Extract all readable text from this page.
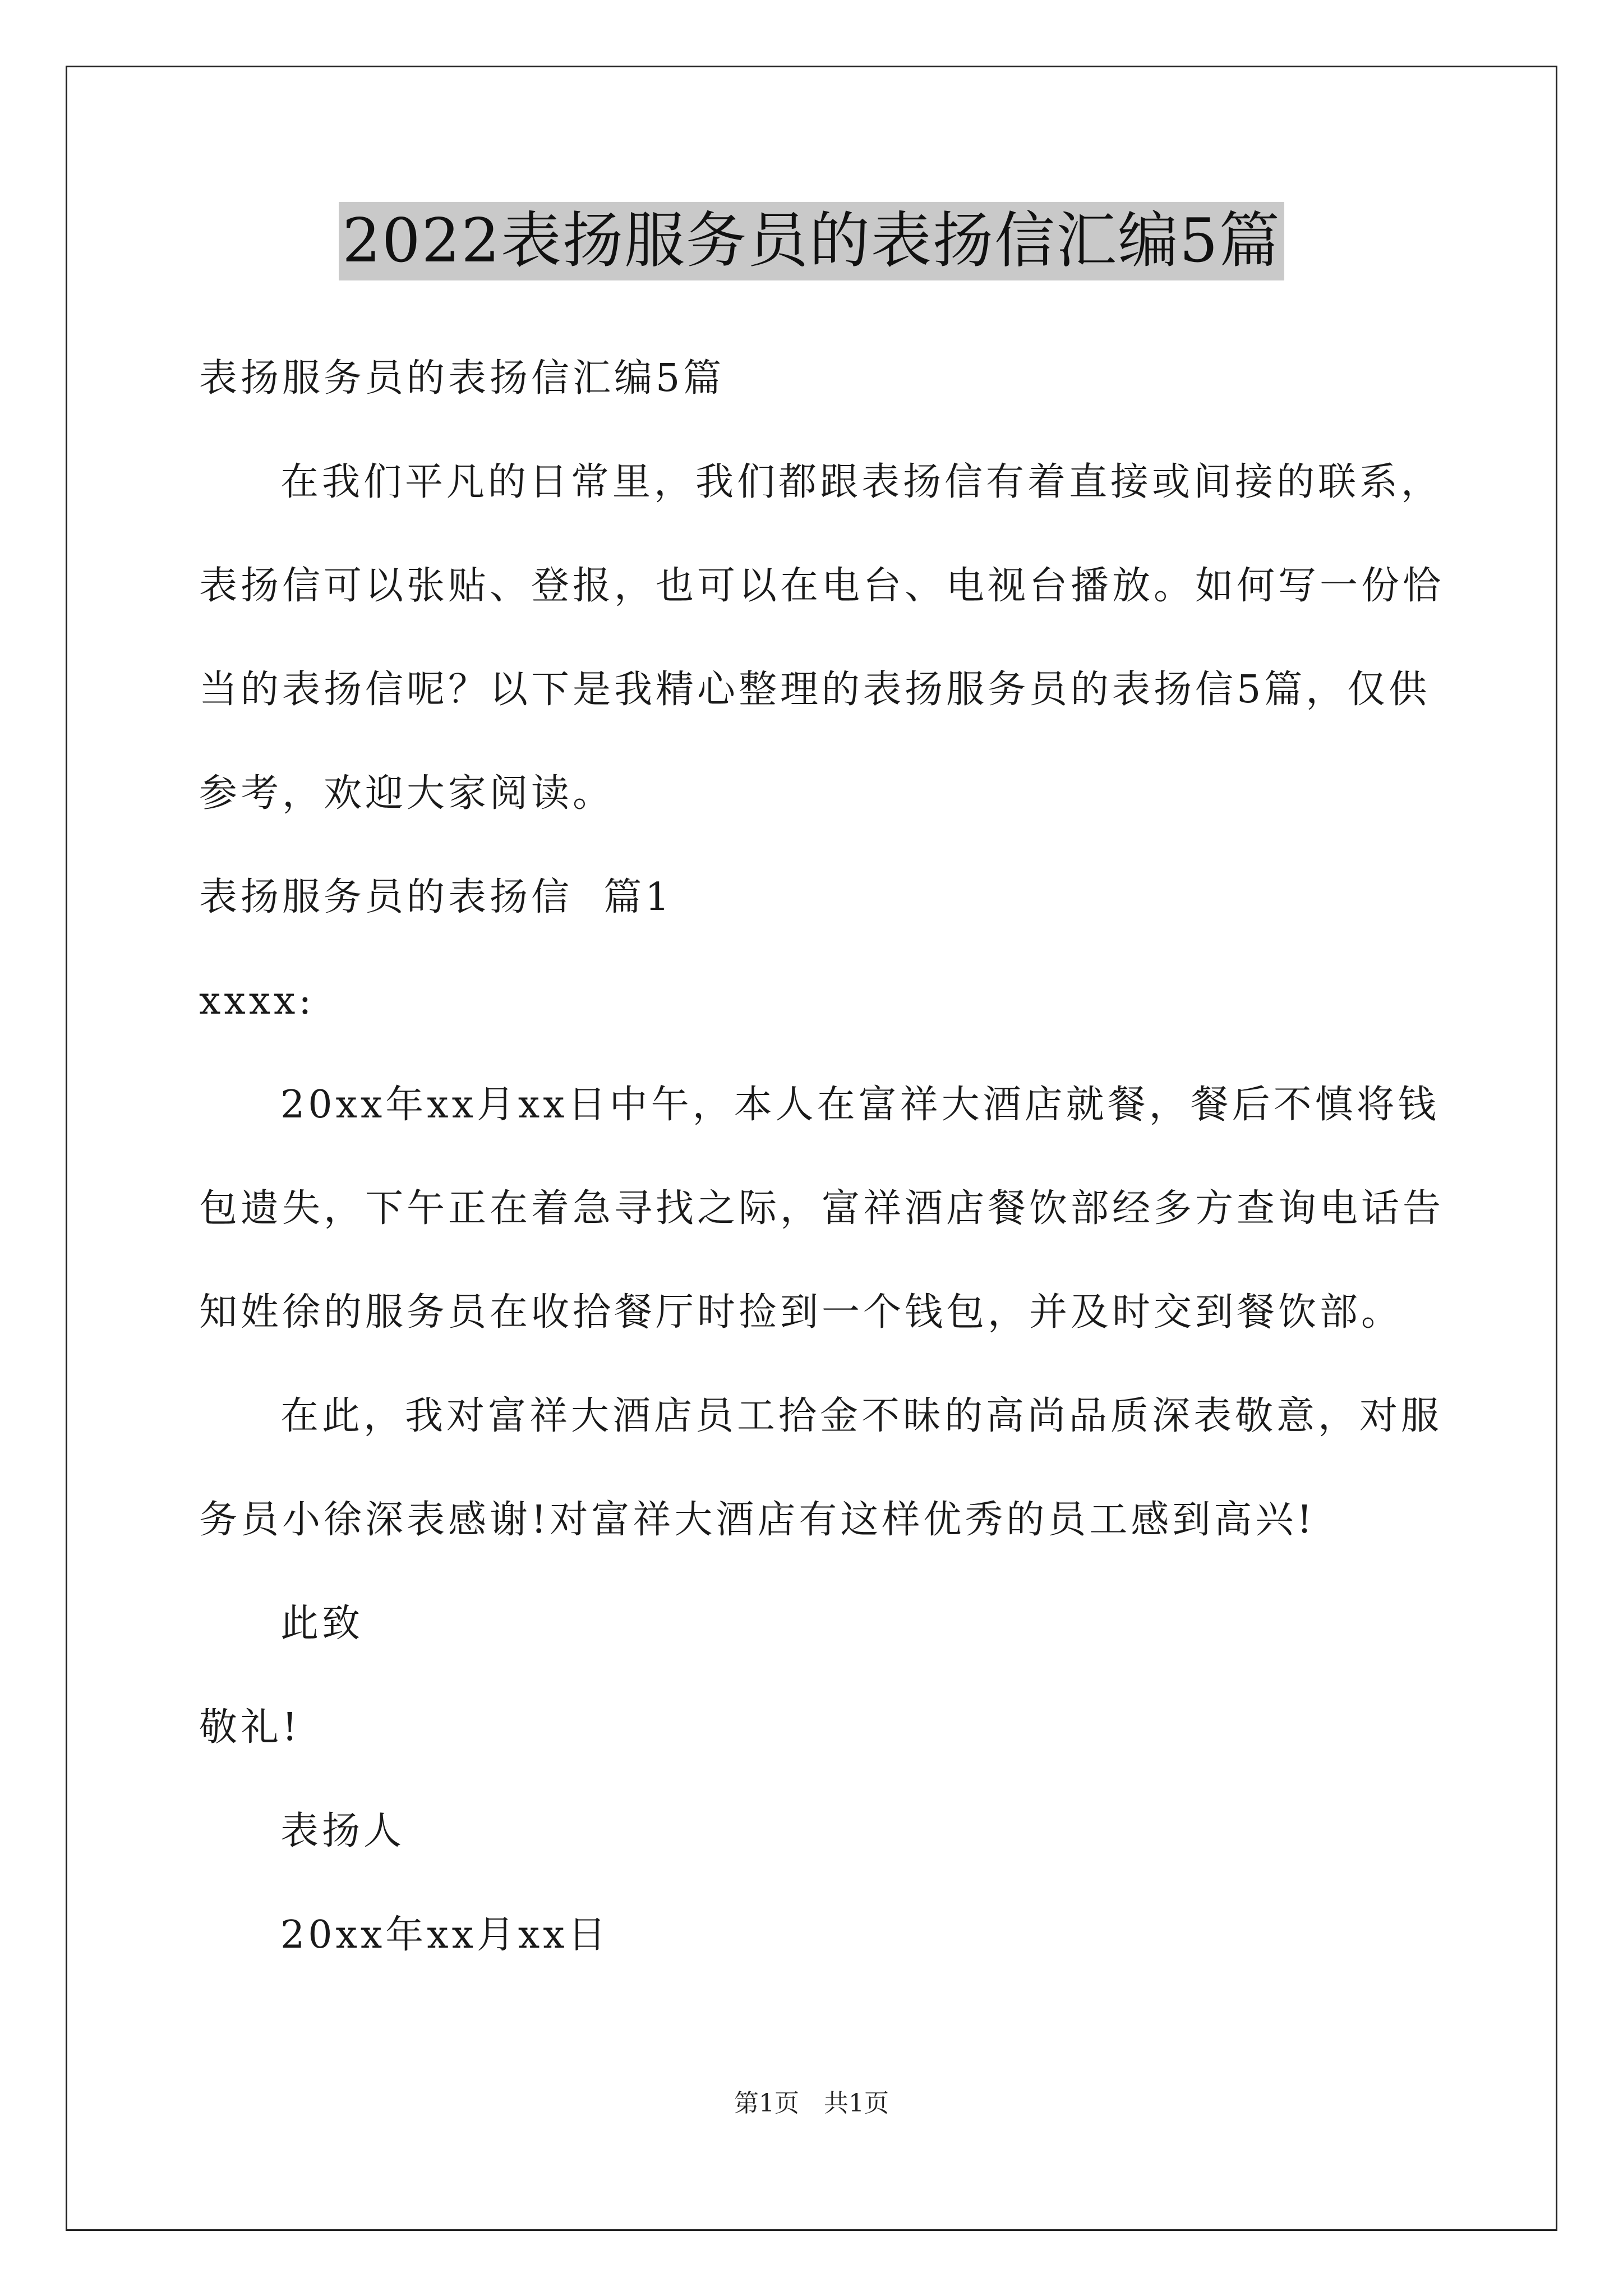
2022表扬服务员的表扬信汇编5篇
表扬服务员的表扬信汇编5篇
在我们平凡的日常里，我们都跟表扬信有着直接或间接的联系，
表扬信可以张贴、登报，也可以在电台、电视台播放。如何写一份恰
当的表扬信呢？以下是我精心整理的表扬服务员的表扬信5篇，仅供
参考，欢迎大家阅读。
表扬服务员的表扬信  篇1
xxxx:
20xx年xx月xx日中午，本人在富祥大酒店就餐，餐后不慎将钱
包遗失，下午正在着急寻找之际，富祥酒店餐饮部经多方查询电话告
知姓徐的服务员在收拾餐厅时捡到一个钱包，并及时交到餐饮部。
在此，我对富祥大酒店员工拾金不昧的高尚品质深表敬意，对服
务员小徐深表感谢!对富祥大酒店有这样优秀的员工感到高兴!
此致
敬礼!
表扬人
20xx年xx月xx日
第1页 共1页
